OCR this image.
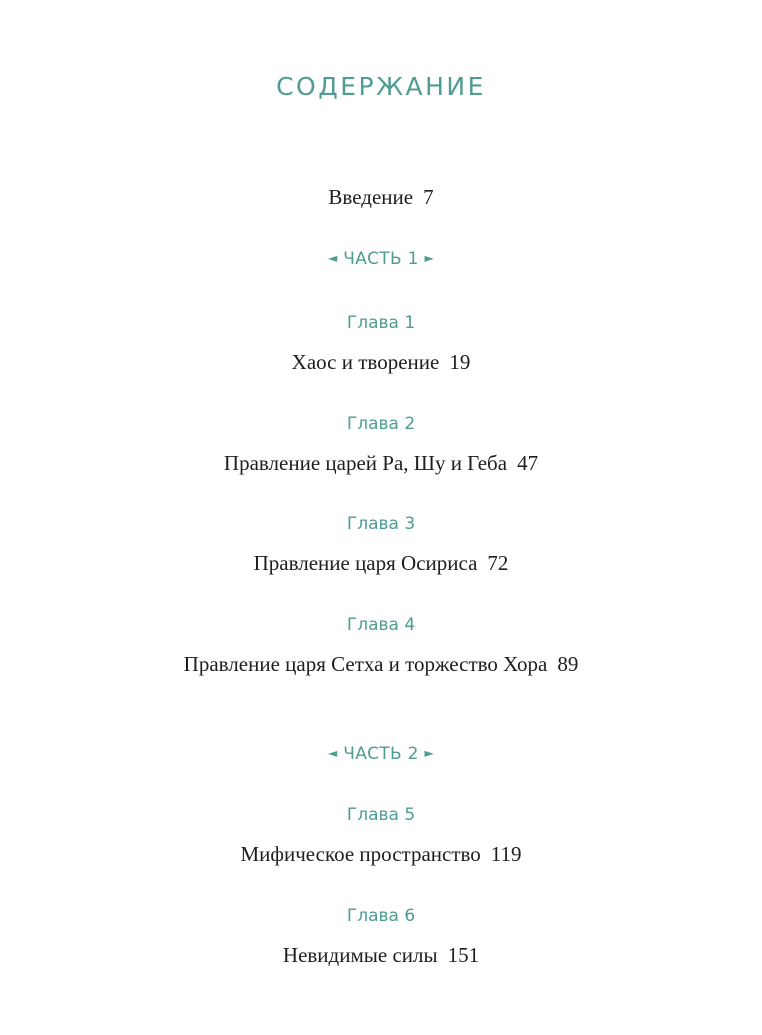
СОДЕРЖАНИЕ
Введение 7
◄ ЧАСТЬ 1 ►
Глава 1
Хаос и творение 19
Глава 2
Правление царей Ра, Шу и Геба 47
Глава 3
Правление царя Осириса 72
Глава 4
Правление царя Сетха и торжество Хора 89
◄ ЧАСТЬ 2 ►
Глава 5
Мифическое пространство 119
Глава 6
Невидимые силы 151
